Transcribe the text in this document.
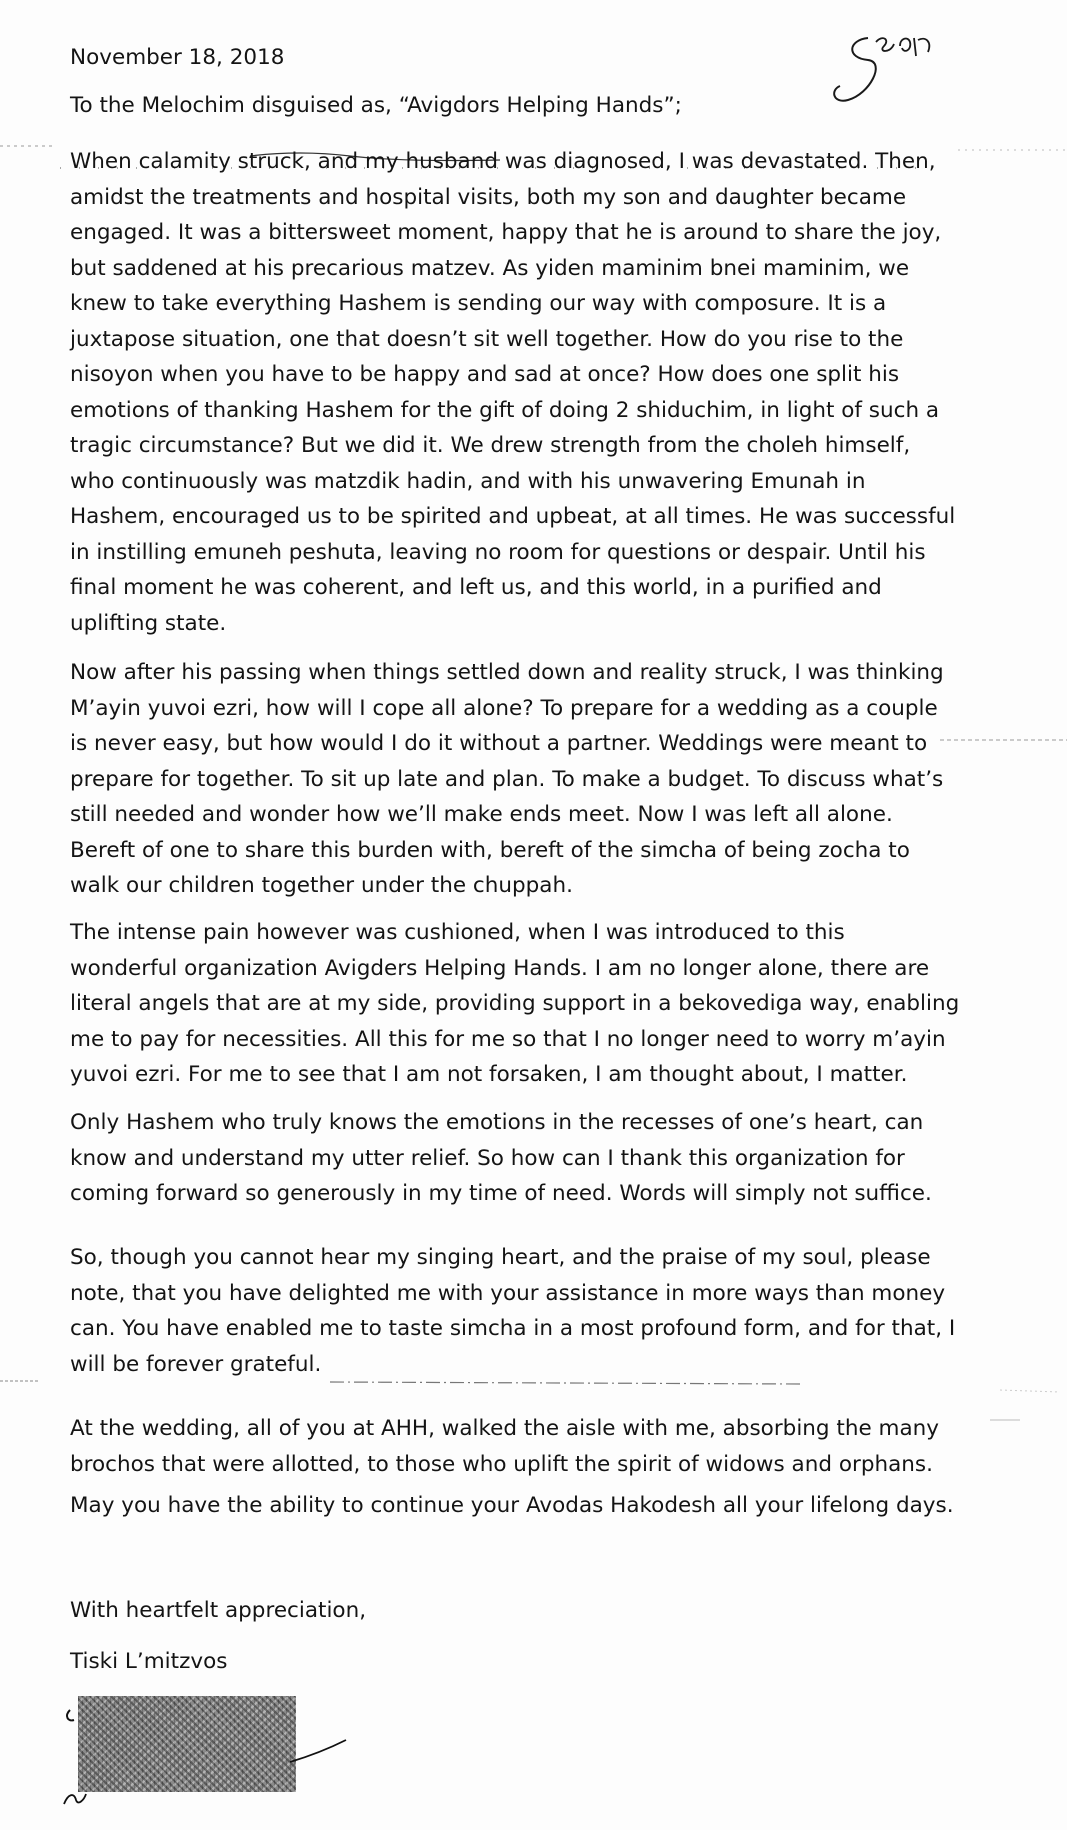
November 18, 2018
To the Melochim disguised as, “Avigdors Helping Hands”;
When calamity struck, and my husband was diagnosed, I was devastated. Then,
amidst the treatments and hospital visits, both my son and daughter became
engaged. It was a bittersweet moment, happy that he is around to share the joy,
but saddened at his precarious matzev. As yiden maminim bnei maminim, we
knew to take everything Hashem is sending our way with composure. It is a
juxtapose situation, one that doesn’t sit well together. How do you rise to the
nisoyon when you have to be happy and sad at once? How does one split his
emotions of thanking Hashem for the gift of doing 2 shiduchim, in light of such a
tragic circumstance? But we did it. We drew strength from the choleh himself,
who continuously was matzdik hadin, and with his unwavering Emunah in
Hashem, encouraged us to be spirited and upbeat, at all times. He was successful
in instilling emuneh peshuta, leaving no room for questions or despair. Until his
final moment he was coherent, and left us, and this world, in a purified and
uplifting state.
Now after his passing when things settled down and reality struck, I was thinking
M’ayin yuvoi ezri, how will I cope all alone? To prepare for a wedding as a couple
is never easy, but how would I do it without a partner. Weddings were meant to
prepare for together. To sit up late and plan. To make a budget. To discuss what’s
still needed and wonder how we’ll make ends meet. Now I was left all alone.
Bereft of one to share this burden with, bereft of the simcha of being zocha to
walk our children together under the chuppah.
The intense pain however was cushioned, when I was introduced to this
wonderful organization Avigders Helping Hands. I am no longer alone, there are
literal angels that are at my side, providing support in a bekovediga way, enabling
me to pay for necessities. All this for me so that I no longer need to worry m’ayin
yuvoi ezri. For me to see that I am not forsaken, I am thought about, I matter.
Only Hashem who truly knows the emotions in the recesses of one’s heart, can
know and understand my utter relief. So how can I thank this organization for
coming forward so generously in my time of need. Words will simply not suffice.
So, though you cannot hear my singing heart, and the praise of my soul, please
note, that you have delighted me with your assistance in more ways than money
can. You have enabled me to taste simcha in a most profound form, and for that, I
will be forever grateful.
At the wedding, all of you at AHH, walked the aisle with me, absorbing the many
brochos that were allotted, to those who uplift the spirit of widows and orphans.
May you have the ability to continue your Avodas Hakodesh all your lifelong days.
With heartfelt appreciation,
Tiski L’mitzvos
